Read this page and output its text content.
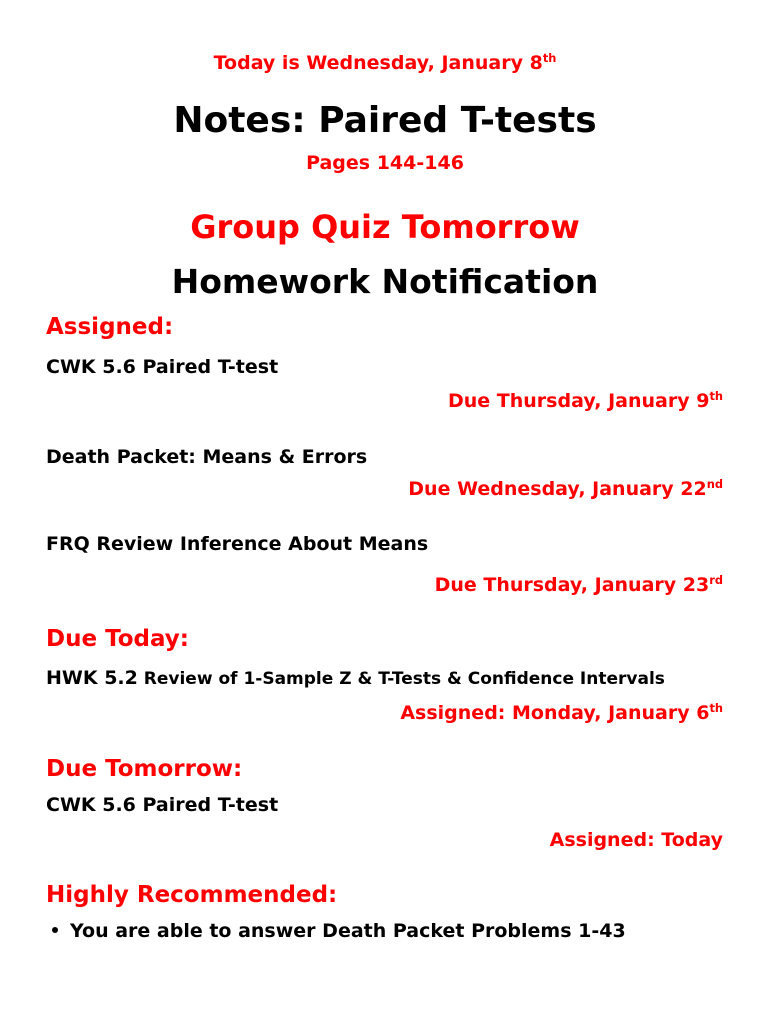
Today is Wednesday, January 8th
Notes: Paired T-tests
Pages 144-146
Group Quiz Tomorrow
Homework Notification
Assigned:
CWK 5.6 Paired T-test
Due Thursday, January 9th
Death Packet: Means & Errors
Due Wednesday, January 22nd
FRQ Review Inference About Means
Due Thursday, January 23rd
Due Today:
HWK 5.2 Review of 1-Sample Z & T-Tests & Confidence Intervals
Assigned: Monday, January 6th
Due Tomorrow:
CWK 5.6 Paired T-test
Assigned: Today
Highly Recommended:
You are able to answer Death Packet Problems 1-43
